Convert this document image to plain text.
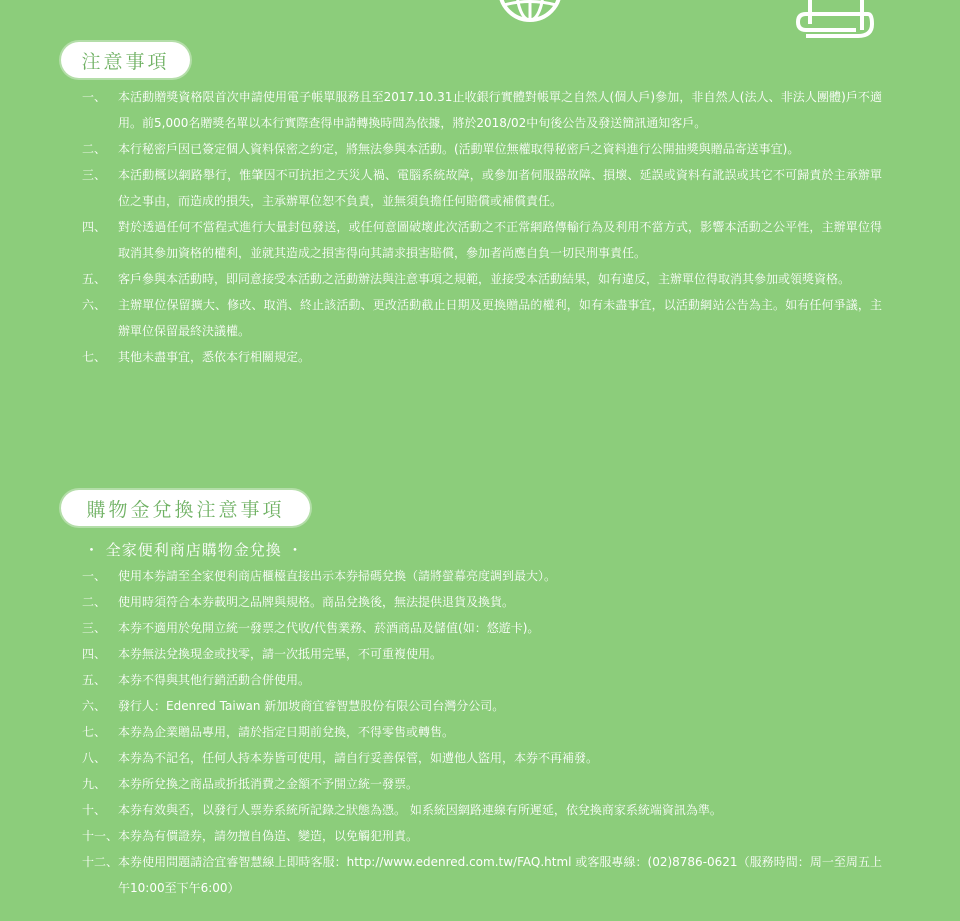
注意事項
一、 本活動贈獎資格限首次申請使用電子帳單服務且至2017.10.31止收銀行實體對帳單之自然人(個人戶)參加，非自然人(法人、非法人團體)戶不適用。前5,000名贈獎名單以本行實際查得申請轉換時間為依據，將於2018/02中旬後公告及發送簡訊通知客戶。
二、 本行秘密戶因已簽定個人資料保密之約定，將無法參與本活動。(活動單位無權取得秘密戶之資料進行公開抽獎與贈品寄送事宜)。
三、 本活動概以網路舉行，惟肇因不可抗拒之天災人禍、電腦系統故障，或參加者伺服器故障、損壞、延誤或資料有訛誤或其它不可歸責於主承辦單位之事由，而造成的損失，主承辦單位恕不負責，並無須負擔任何賠償或補償責任。
四、 對於透過任何不當程式進行大量封包發送，或任何意圖破壞此次活動之不正常網路傳輸行為及利用不當方式，影響本活動之公平性，主辦單位得取消其參加資格的權利，並就其造成之損害得向其請求損害賠償，參加者尚應自負一切民刑事責任。
五、 客戶參與本活動時，即同意接受本活動之活動辦法與注意事項之規範，並接受本活動結果，如有違反，主辦單位得取消其參加或領獎資格。
六、 主辦單位保留擴大、修改、取消、終止該活動、更改活動截止日期及更換贈品的權利，如有未盡事宜，以活動網站公告為主。如有任何爭議，主辦單位保留最終決議權。
七、 其他未盡事宜，悉依本行相關規定。
購物金兌換注意事項
・ 全家便利商店購物金兌換 ・
一、 使用本券請至全家便利商店櫃檯直接出示本券掃碼兌換（請將螢幕亮度調到最大）。
二、 使用時須符合本券載明之品牌與規格。商品兌換後，無法提供退貨及換貨。
三、 本券不適用於免開立統一發票之代收/代售業務、菸酒商品及儲值(如：悠遊卡)。
四、 本券無法兌換現金或找零，請一次抵用完畢，不可重複使用。
五、 本券不得與其他行銷活動合併使用。
六、 發行人：Edenred Taiwan 新加坡商宜睿智慧股份有限公司台灣分公司。
七、 本券為企業贈品專用，請於指定日期前兌換，不得零售或轉售。
八、 本券為不記名，任何人持本券皆可使用，請自行妥善保管，如遭他人盜用，本券不再補發。
九、 本券所兌換之商品或折抵消費之金額不予開立統一發票。
十、 本券有效與否，以發行人票券系統所記錄之狀態為憑。 如系統因網路連線有所遲延，依兌換商家系統端資訊為準。
十一、 本券為有價證券，請勿擅自偽造、變造，以免觸犯刑責。
十二、 本券使用問題請洽宜睿智慧線上即時客服：http://www.edenred.com.tw/FAQ.html 或客服專線：(02)8786-0621（服務時間：周一至周五上午10:00至下午6:00）
